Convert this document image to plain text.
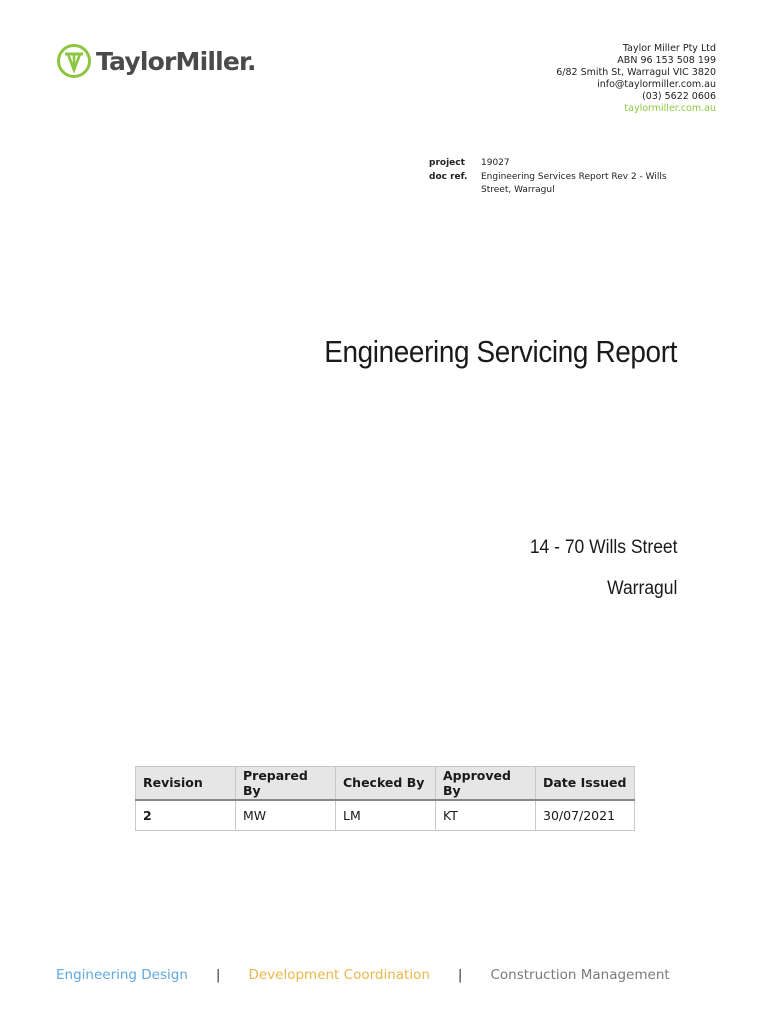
TaylorMiller.	Taylor Miller Pty Ltd
ABN 96 153 508 199
6/82 Smith St, Warragul VIC 3820
info@taylormiller.com.au
(03) 5622 0606
taylormiller.com.au
project	19027
doc ref.	Engineering Services Report Rev 2 - Wills Street, Warragul
Engineering Servicing Report
14 - 70 Wills Street
Warragul
Revision	Prepared By	Checked By	Approved By	Date Issued
2	MW	LM	KT	30/07/2021
Engineering Design | Development Coordination | Construction Management
